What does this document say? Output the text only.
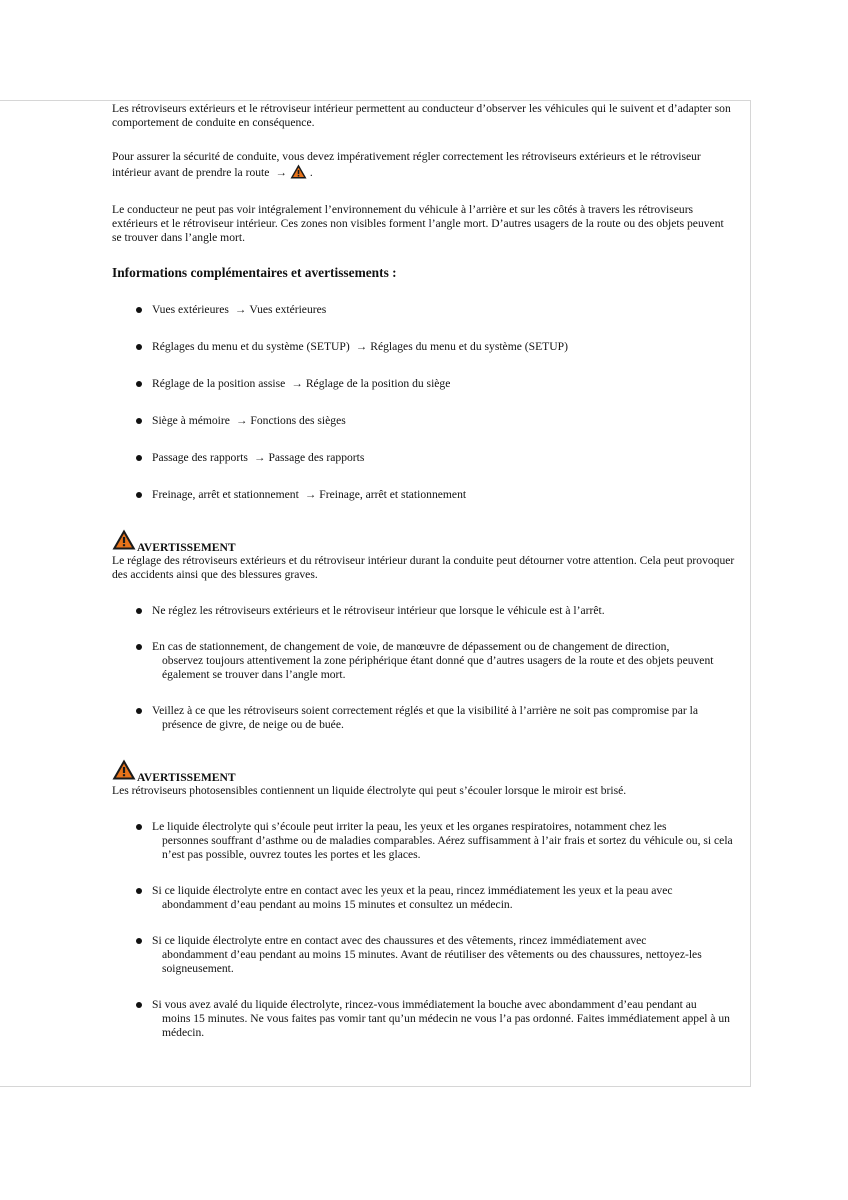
Les rétroviseurs extérieurs et le rétroviseur intérieur permettent au conducteur d’observer les véhicules qui le suivent et d’adapter son comportement de conduite en conséquence.

Pour assurer la sécurité de conduite, vous devez impérativement régler correctement les rétroviseurs extérieurs et le rétroviseur intérieur avant de prendre la route → .

Le conducteur ne peut pas voir intégralement l’environnement du véhicule à l’arrière et sur les côtés à travers les rétroviseurs extérieurs et le rétroviseur intérieur. Ces zones non visibles forment l’angle mort. D’autres usagers de la route ou des objets peuvent se trouver dans l’angle mort.

Informations complémentaires et avertissements :
Vues extérieures → Vues extérieures
Réglages du menu et du système (SETUP) → Réglages du menu et du système (SETUP)
Réglage de la position assise → Réglage de la position du siège
Siège à mémoire → Fonctions des sièges
Passage des rapports → Passage des rapports
Freinage, arrêt et stationnement → Freinage, arrêt et stationnement
AVERTISSEMENT

Le réglage des rétroviseurs extérieurs et du rétroviseur intérieur durant la conduite peut détourner votre attention. Cela peut provoquer des accidents ainsi que des blessures graves.

Ne réglez les rétroviseurs extérieurs et le rétroviseur intérieur que lorsque le véhicule est à l’arrêt.
En cas de stationnement, de changement de voie, de manœuvre de dépassement ou de changement de direction,
observez toujours attentivement la zone périphérique étant donné que d’autres usagers de la route et des objets peuvent également se trouver dans l’angle mort.
Veillez à ce que les rétroviseurs soient correctement réglés et que la visibilité à l’arrière ne soit pas compromise par la
présence de givre, de neige ou de buée.
AVERTISSEMENT

Les rétroviseurs photosensibles contiennent un liquide électrolyte qui peut s’écouler lorsque le miroir est brisé.

Le liquide électrolyte qui s’écoule peut irriter la peau, les yeux et les organes respiratoires, notamment chez les
personnes souffrant d’asthme ou de maladies comparables. Aérez suffisamment à l’air frais et sortez du véhicule ou, si cela n’est pas possible, ouvrez toutes les portes et les glaces.
Si ce liquide électrolyte entre en contact avec les yeux et la peau, rincez immédiatement les yeux et la peau avec
abondamment d’eau pendant au moins 15 minutes et consultez un médecin.
Si ce liquide électrolyte entre en contact avec des chaussures et des vêtements, rincez immédiatement avec
abondamment d’eau pendant au moins 15 minutes. Avant de réutiliser des vêtements ou des chaussures, nettoyez-les soigneusement.
Si vous avez avalé du liquide électrolyte, rincez-vous immédiatement la bouche avec abondamment d’eau pendant au
moins 15 minutes. Ne vous faites pas vomir tant qu’un médecin ne vous l’a pas ordonné. Faites immédiatement appel à un médecin.
